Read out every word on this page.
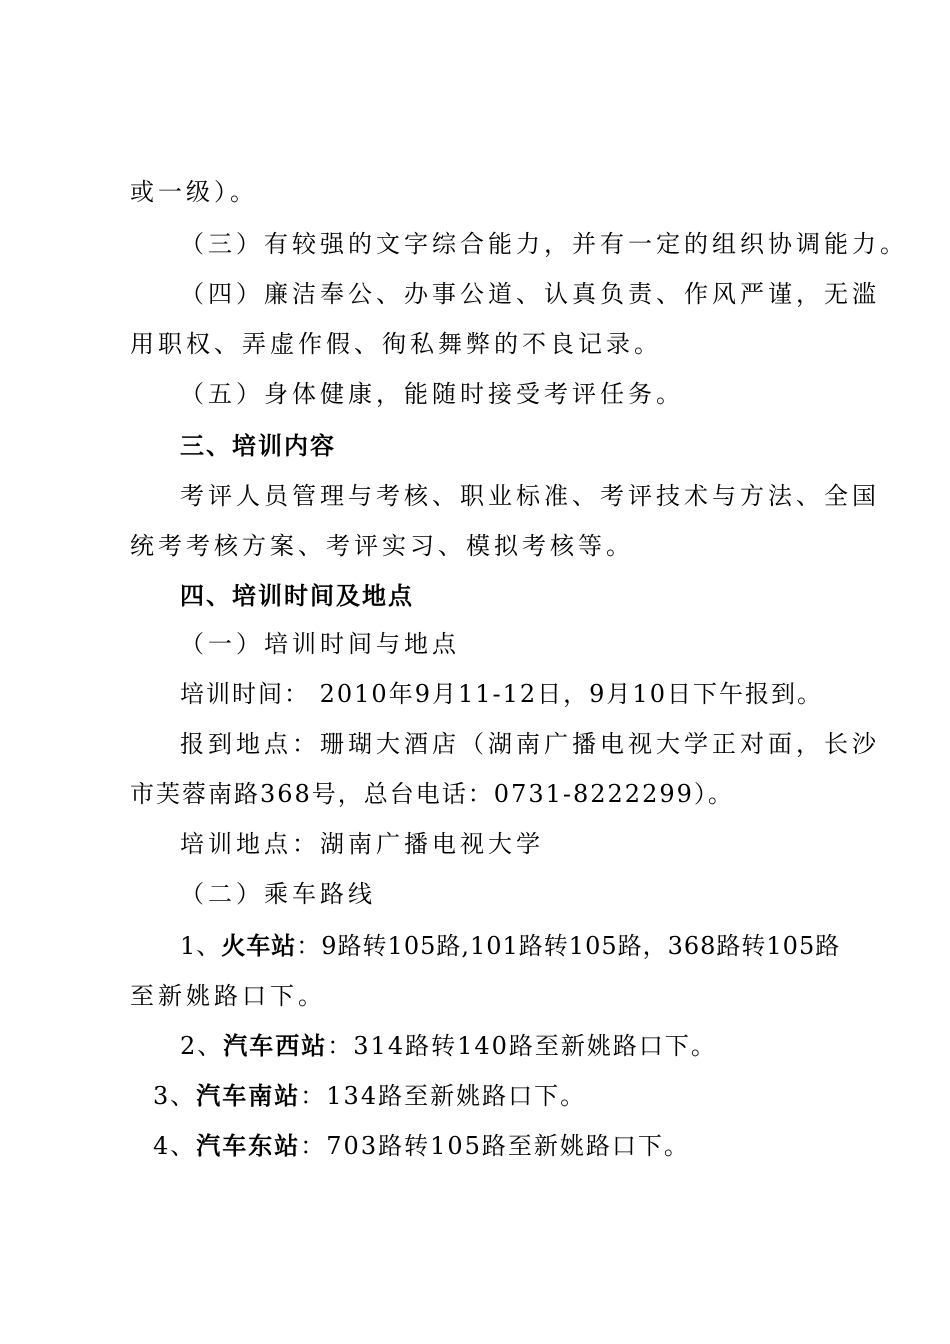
或一级）。
（三）有较强的文字综合能力，并有一定的组织协调能力。
（四）廉洁奉公、办事公道、认真负责、作风严谨，无滥
用职权、弄虚作假、徇私舞弊的不良记录。
（五）身体健康，能随时接受考评任务。
三、培训内容
考评人员管理与考核、职业标准、考评技术与方法、全国
统考考核方案、考评实习、模拟考核等。
四、培训时间及地点
（一）培训时间与地点
培训时间： 2010年9月11-12日，9月10日下午报到。
报到地点：珊瑚大酒店（湖南广播电视大学正对面，长沙
市芙蓉南路368号，总台电话：0731-8222299）。
培训地点：湖南广播电视大学
（二）乘车路线
1、火车站：9路转105路,101路转105路，368路转105路
至新姚路口下。
2、汽车西站：314路转140路至新姚路口下。
3、汽车南站：134路至新姚路口下。
4、汽车东站：703路转105路至新姚路口下。
